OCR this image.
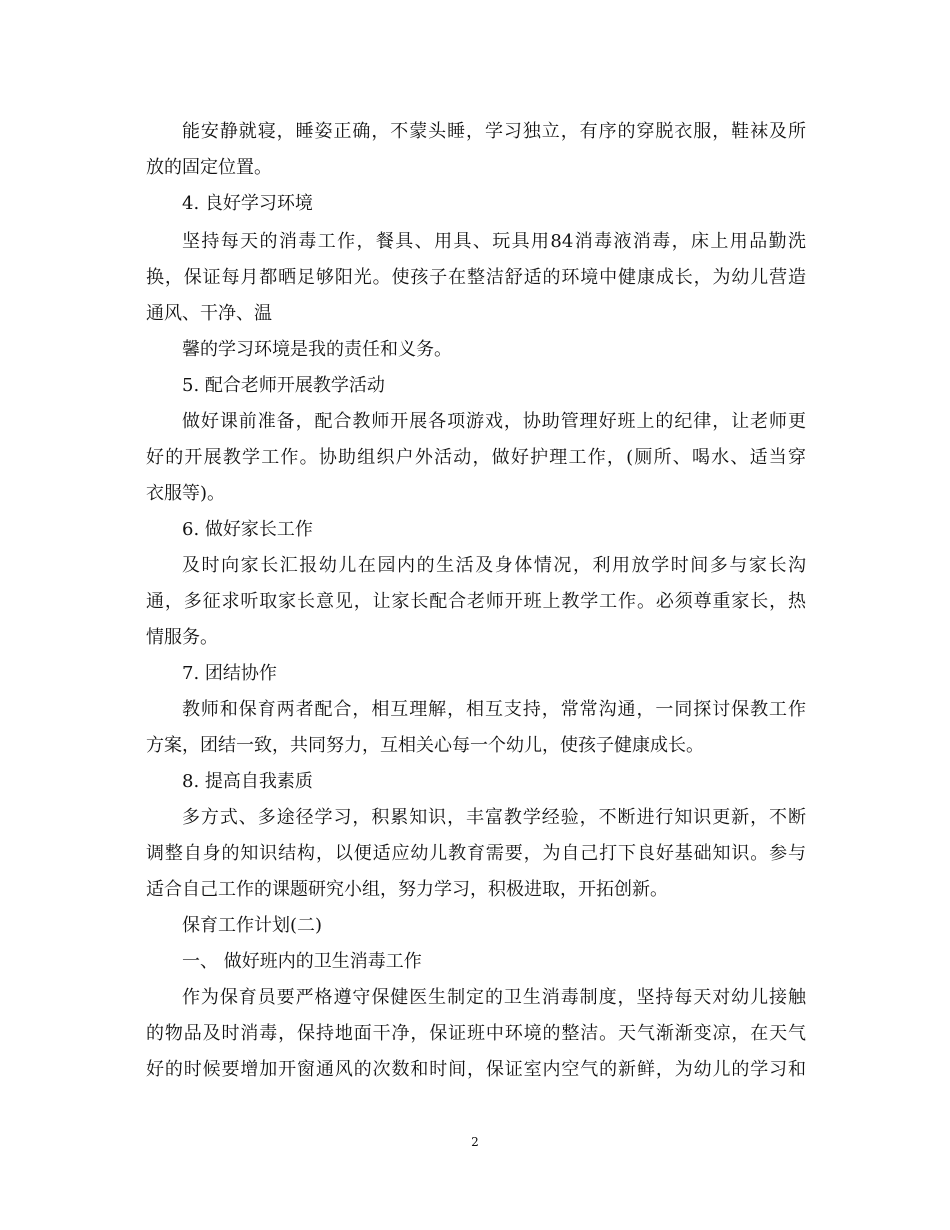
能安静就寝，睡姿正确，不蒙头睡，学习独立，有序的穿脱衣服，鞋袜及所
放的固定位置。
4. 良好学习环境
坚持每天的消毒工作，餐具、用具、玩具用84消毒液消毒，床上用品勤洗
换，保证每月都晒足够阳光。使孩子在整洁舒适的环境中健康成长，为幼儿营造
通风、干净、温
馨的学习环境是我的责任和义务。
5. 配合老师开展教学活动
做好课前准备，配合教师开展各项游戏，协助管理好班上的纪律，让老师更
好的开展教学工作。协助组织户外活动，做好护理工作，(厕所、喝水、适当穿
衣服等)。
6. 做好家长工作
及时向家长汇报幼儿在园内的生活及身体情况，利用放学时间多与家长沟
通，多征求听取家长意见，让家长配合老师开班上教学工作。必须尊重家长，热
情服务。
7. 团结协作
教师和保育两者配合，相互理解，相互支持，常常沟通，一同探讨保教工作
方案，团结一致，共同努力，互相关心每一个幼儿，使孩子健康成长。
8. 提高自我素质
多方式、多途径学习，积累知识，丰富教学经验，不断进行知识更新，不断
调整自身的知识结构，以便适应幼儿教育需要，为自己打下良好基础知识。参与
适合自己工作的课题研究小组，努力学习，积极进取，开拓创新。
保育工作计划(二)
一、 做好班内的卫生消毒工作
作为保育员要严格遵守保健医生制定的卫生消毒制度，坚持每天对幼儿接触
的物品及时消毒，保持地面干净，保证班中环境的整洁。天气渐渐变凉，在天气
好的时候要增加开窗通风的次数和时间，保证室内空气的新鲜，为幼儿的学习和
2
